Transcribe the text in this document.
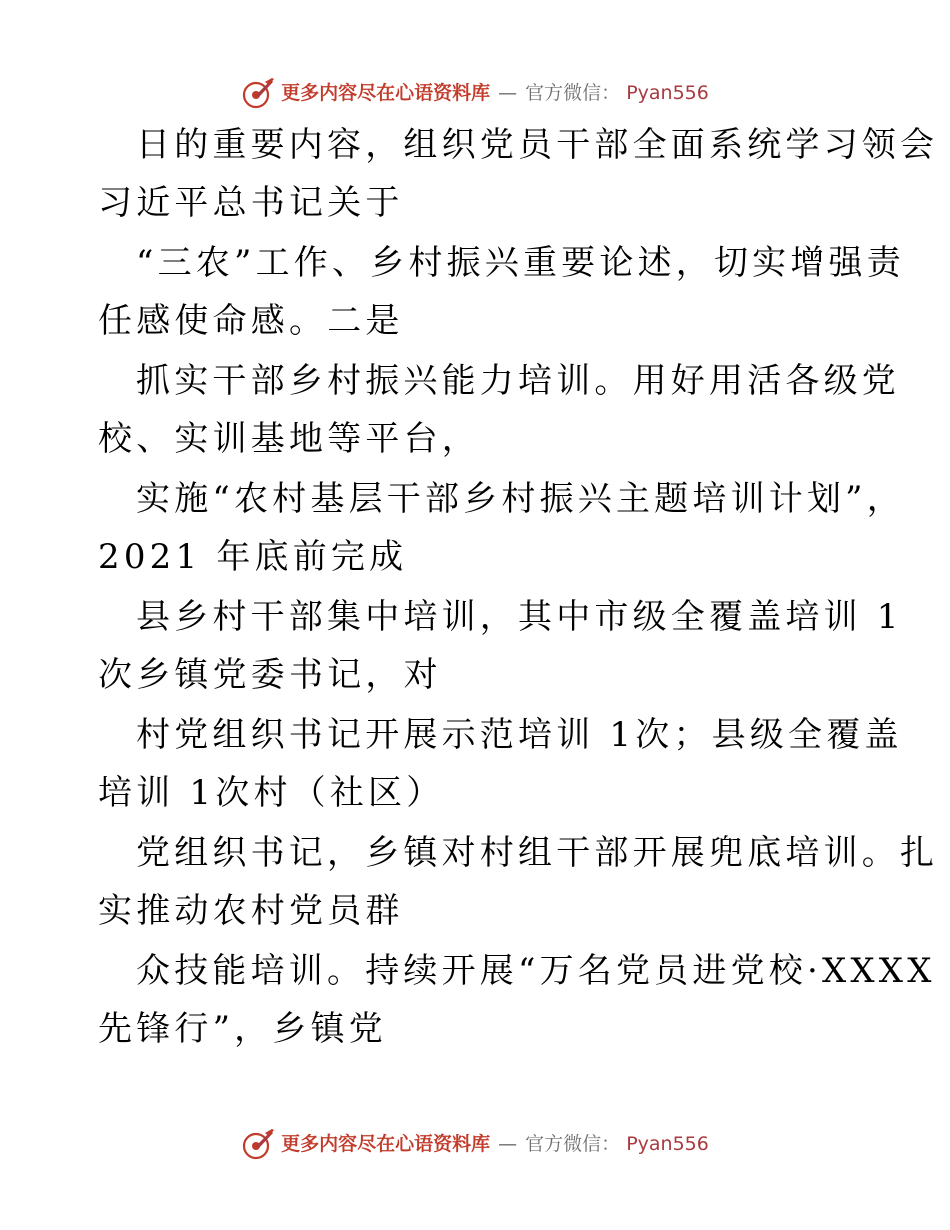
更多内容尽在心语资料库 — 官方微信： Pyan556
日的重要内容，组织党员干部全面系统学习领会
习近平总书记关于
“三农”工作、乡村振兴重要论述，切实增强责
任感使命感。二是
抓实干部乡村振兴能力培训。用好用活各级党
校、实训基地等平台，
实施“农村基层干部乡村振兴主题培训计划”，
2021 年底前完成
县乡村干部集中培训，其中市级全覆盖培训 1
次乡镇党委书记，对
村党组织书记开展示范培训 1次；县级全覆盖
培训 1次村（社区）
党组织书记，乡镇对村组干部开展兜底培训。扎
实推动农村党员群
众技能培训。持续开展“万名党员进党校·XXXX
先锋行”，乡镇党
更多内容尽在心语资料库 — 官方微信： Pyan556
